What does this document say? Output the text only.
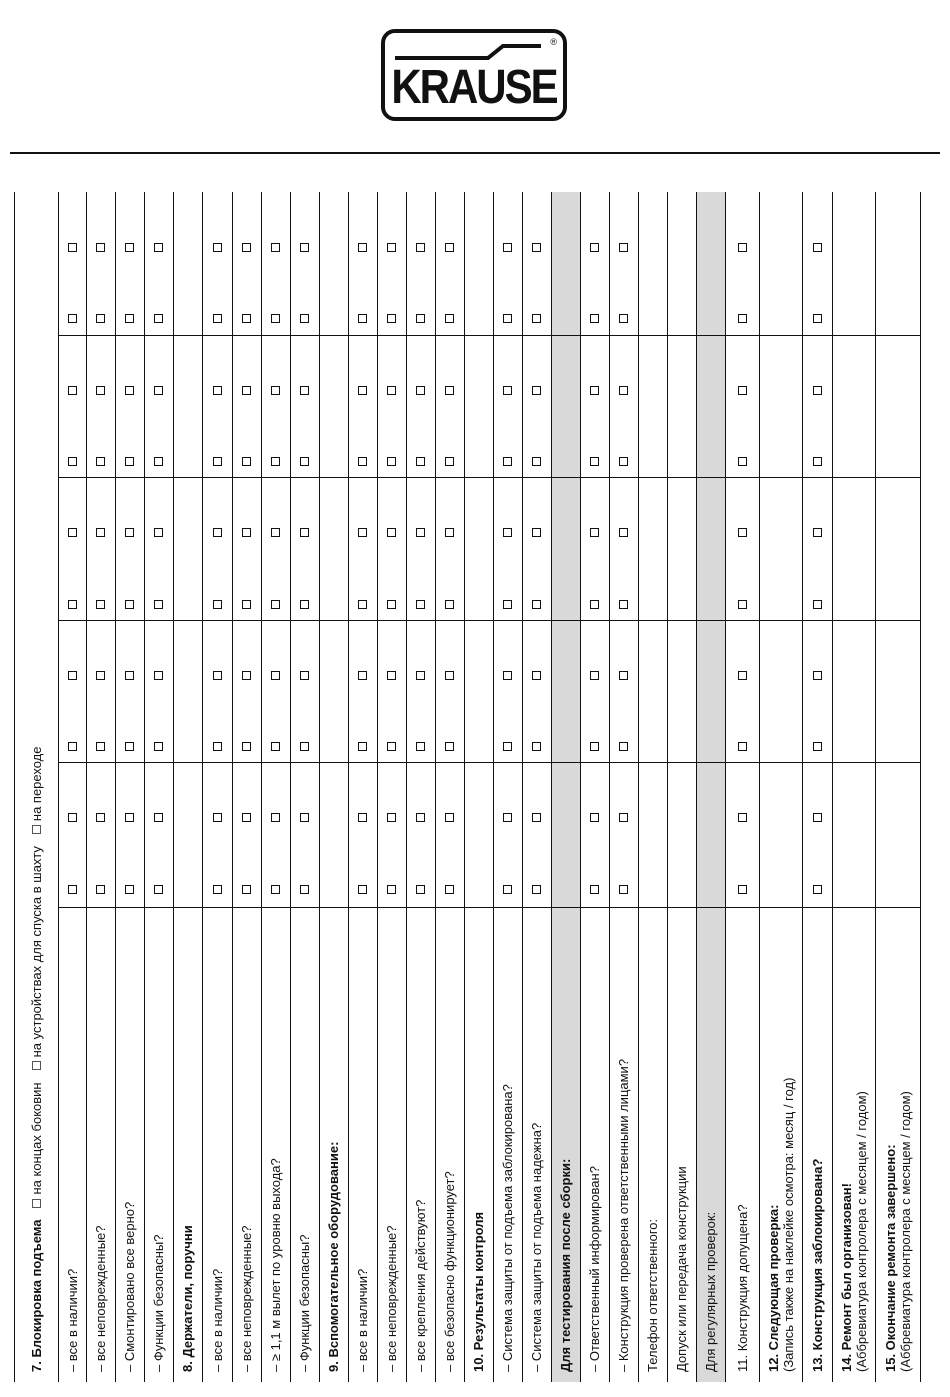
KRAUSE
®
7. Блокировка подъема
на концах боковин
на устройствах для спуска в шахту
на переходе
– все в наличии? – все неповрежденные? – Смонтировано все верно? – Функции безопасны? 8. Держатели, поручни – все в наличии? – все неповрежденные? – ≥ 1,1 м вылет по уровню выхода? – Функции безопасны? 9. Вспомогательное оборудование: – все в наличии? – все неповрежденные? – все крепления действуют? – все безопасно функционирует? 10. Результаты контроля – Система защиты от подъема заблокирована? – Система защиты от подъема надежна? Для тестирования после сборки: – Ответственный информирован? – Конструкция проверена ответственными лицами? Телефон ответственного: Допуск или передача конструкции Для регулярных проверок: 11. Конструкция допущена? 12. Следующая проверка: (Запись также на наклейке осмотра: месяц / год) 13. Конструкция заблокирована? 14. Ремонт был организован! (Аббревиатура контролера с месяцем / годом) 15. Окончание ремонта завершено: (Аббревиатура контролера с месяцем / годом)
